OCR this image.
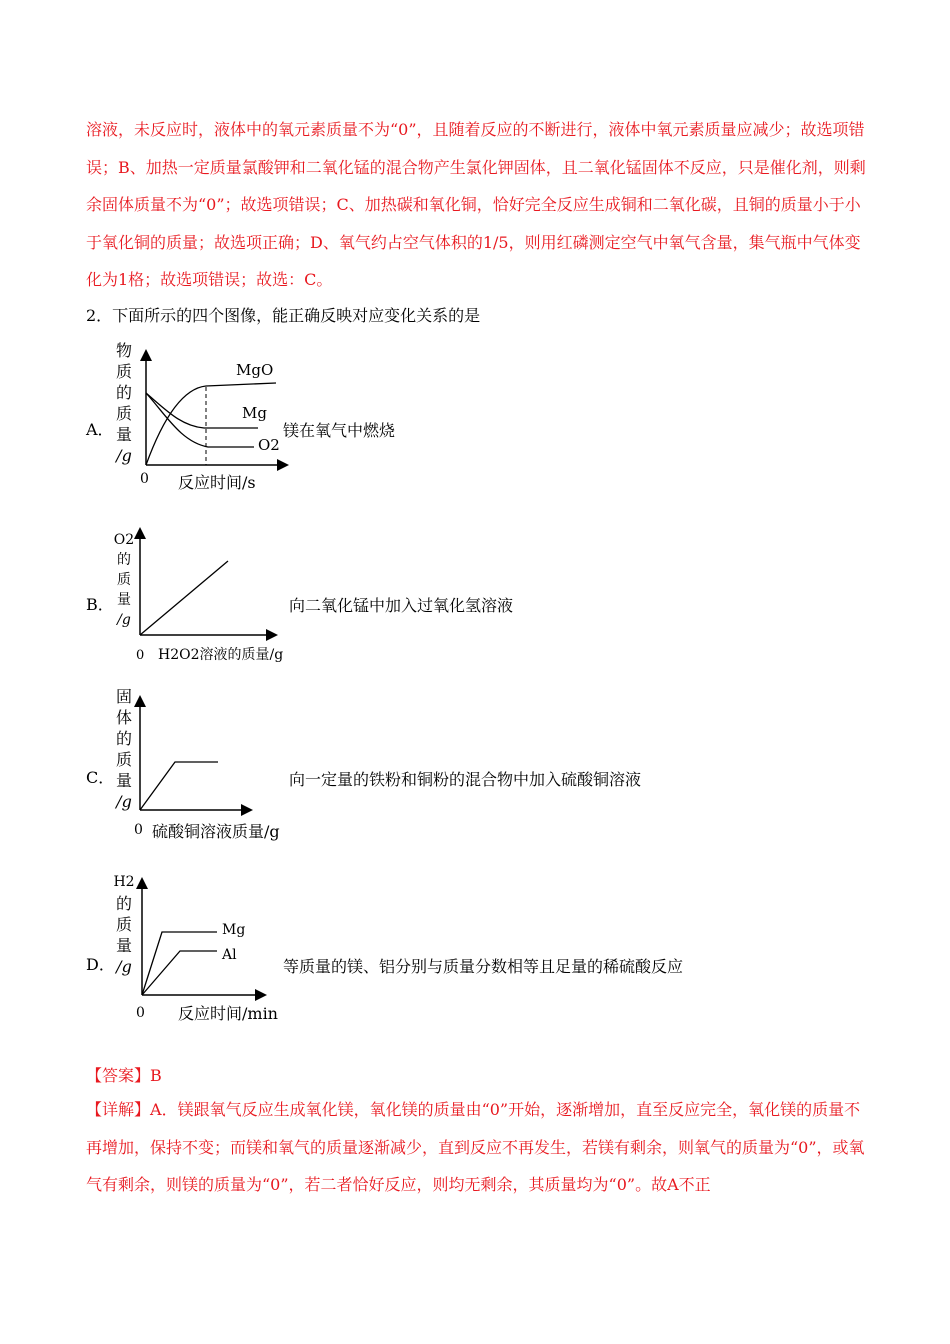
溶液，未反应时，液体中的氧元素质量不为“0”，且随着反应的不断进行，液体中氧元素质量应减少；故选项错误；B、加热一定质量氯酸钾和二氧化锰的混合物产生氯化钾固体，且二氧化锰固体不反应，只是催化剂，则剩余固体质量不为“0”；故选项错误；C、加热碳和氧化铜，恰好完全反应生成铜和二氧化碳，且铜的质量小于小于氧化铜的质量；故选项正确；D、氧气约占空气体积的1/5，则用红磷测定空气中氧气含量，集气瓶中气体变化为1格；故选项错误；故选：C。
2．下面所示的四个图像，能正确反映对应变化关系的是
A．
物
质
的
质
量
/g
MgO
Mg
O2
0 反应时间/s
镁在氧气中燃烧
B．
O2
的
质
量
/g
0 H2O2溶液的质量/g
向二氧化锰中加入过氧化氢溶液
C．
固
体
的
质
量
/g
0 硫酸铜溶液质量/g
向一定量的铁粉和铜粉的混合物中加入硫酸铜溶液
D．
H2
的
质
量
/g
Mg
Al
0 反应时间/min
等质量的镁、铝分别与质量分数相等且足量的稀硫酸反应
【答案】B
【详解】A．镁跟氧气反应生成氧化镁，氧化镁的质量由“0”开始，逐渐增加，直至反应完全，氧化镁的质量不再增加，保持不变；而镁和氧气的质量逐渐减少，直到反应不再发生，若镁有剩余，则氧气的质量为“0”，或氧气有剩余，则镁的质量为“0”，若二者恰好反应，则均无剩余，其质量均为“0”。故A不正
